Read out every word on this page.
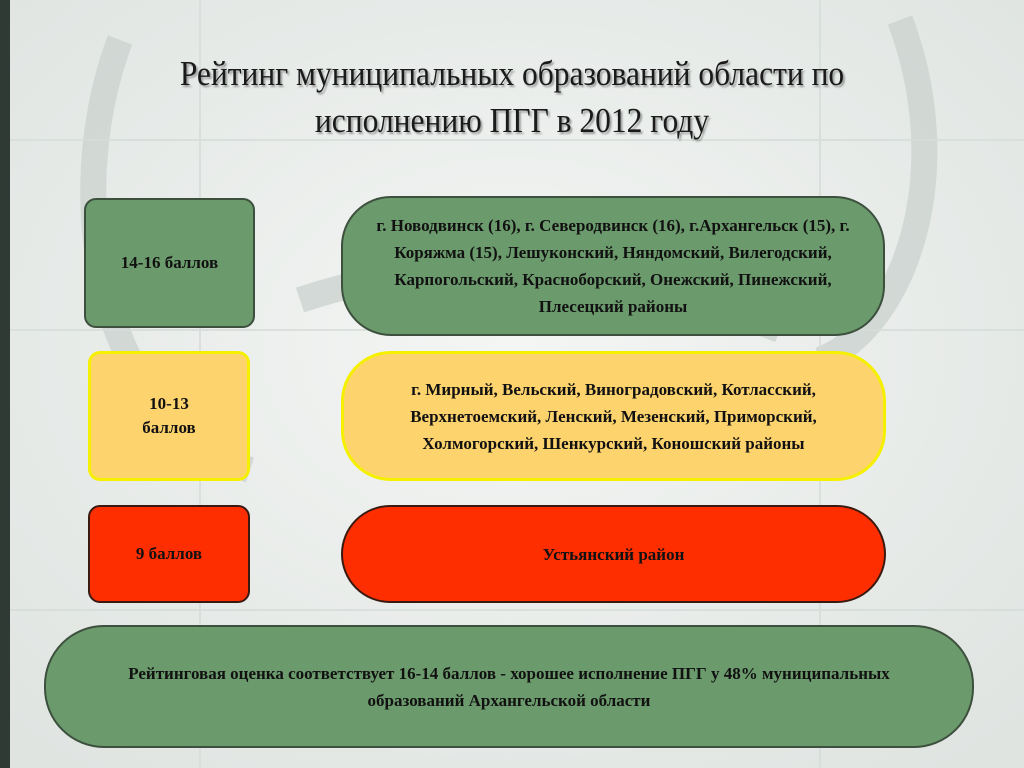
Рейтинг муниципальных образований области по исполнению ПГГ в 2012 году
14-16 баллов
г. Новодвинск (16), г. Северодвинск (16), г.Архангельск (15), г. Коряжма (15), Лешуконский, Няндомский, Вилегодский, Карпогольский, Красноборский, Онежский, Пинежский, Плесецкий районы
10-13 баллов
г. Мирный, Вельский, Виноградовский, Котласский, Верхнетоемский, Ленский, Мезенский, Приморский, Холмогорский, Шенкурский, Коношский районы
9 баллов	Устьянский район
Рейтинговая оценка соответствует 16-14 баллов - хорошее исполнение ПГГ у 48% муниципальных образований Архангельской области
